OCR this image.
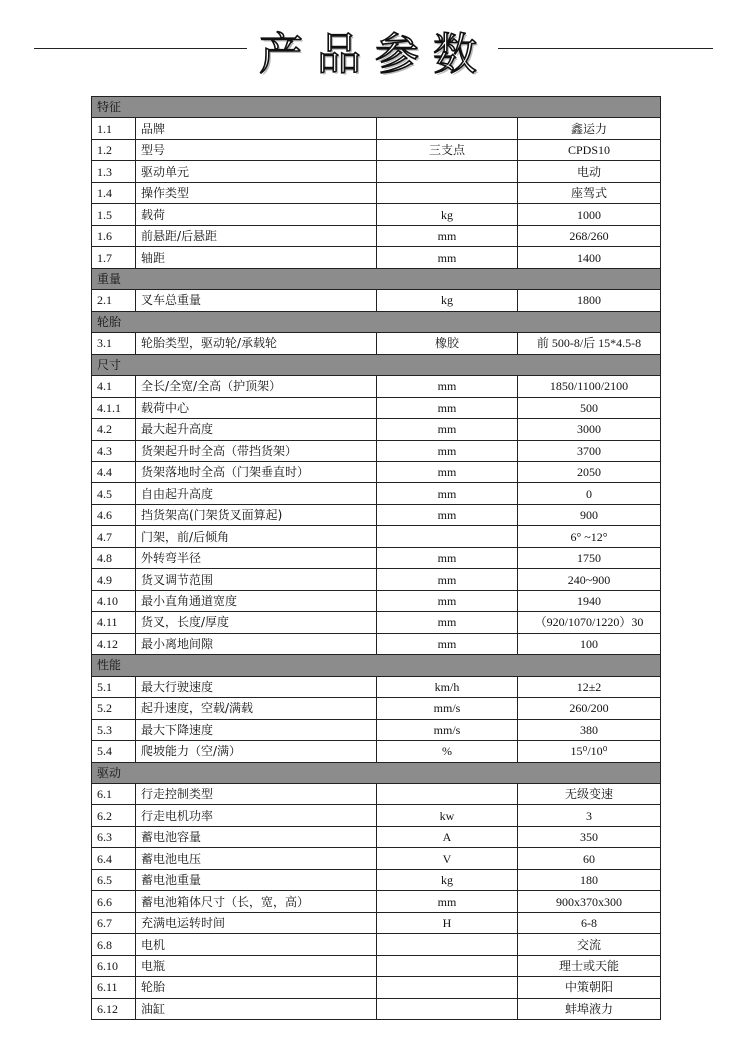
产品参数
特征			
1.1	品牌		鑫运力
1.2	型号	三支点	CPDS10
1.3	驱动单元		电动
1.4	操作类型		座驾式
1.5	载荷	kg	1000
1.6	前悬距/后悬距	mm	268/260
1.7	轴距	mm	1400
重量			
2.1	叉车总重量	kg	1800
轮胎			
3.1	轮胎类型，驱动轮/承载轮	橡胶	前 500-8/后 15*4.5-8
尺寸			
4.1	全长/全宽/全高（护顶架）	mm	1850/1100/2100
4.1.1	载荷中心	mm	500
4.2	最大起升高度	mm	3000
4.3	货架起升时全高（带挡货架）	mm	3700
4.4	货架落地时全高（门架垂直时）	mm	2050
4.5	自由起升高度	mm	0
4.6	挡货架高(门架货叉面算起)	mm	900
4.7	门架，前/后倾角		6° ~12°
4.8	外转弯半径	mm	1750
4.9	货叉调节范围	mm	240~900
4.10	最小直角通道宽度	mm	1940
4.11	货叉，长度/厚度	mm	（920/1070/1220）30
4.12	最小离地间隙	mm	100
性能			
5.1	最大行驶速度	km/h	12±2
5.2	起升速度，空载/满载	mm/s	260/200
5.3	最大下降速度	mm/s	380
5.4	爬坡能力（空/满）	%	15⁰/10⁰
驱动			
6.1	行走控制类型		无级变速
6.2	行走电机功率	kw	3
6.3	蓄电池容量	A	350
6.4	蓄电池电压	V	60
6.5	蓄电池重量	kg	180
6.6	蓄电池箱体尺寸（长，宽，高）	mm	900x370x300
6.7	充满电运转时间	H	6-8
6.8	电机		交流
6.10	电瓶		理士或天能
6.11	轮胎		中策朝阳
6.12	油缸		蚌埠液力
